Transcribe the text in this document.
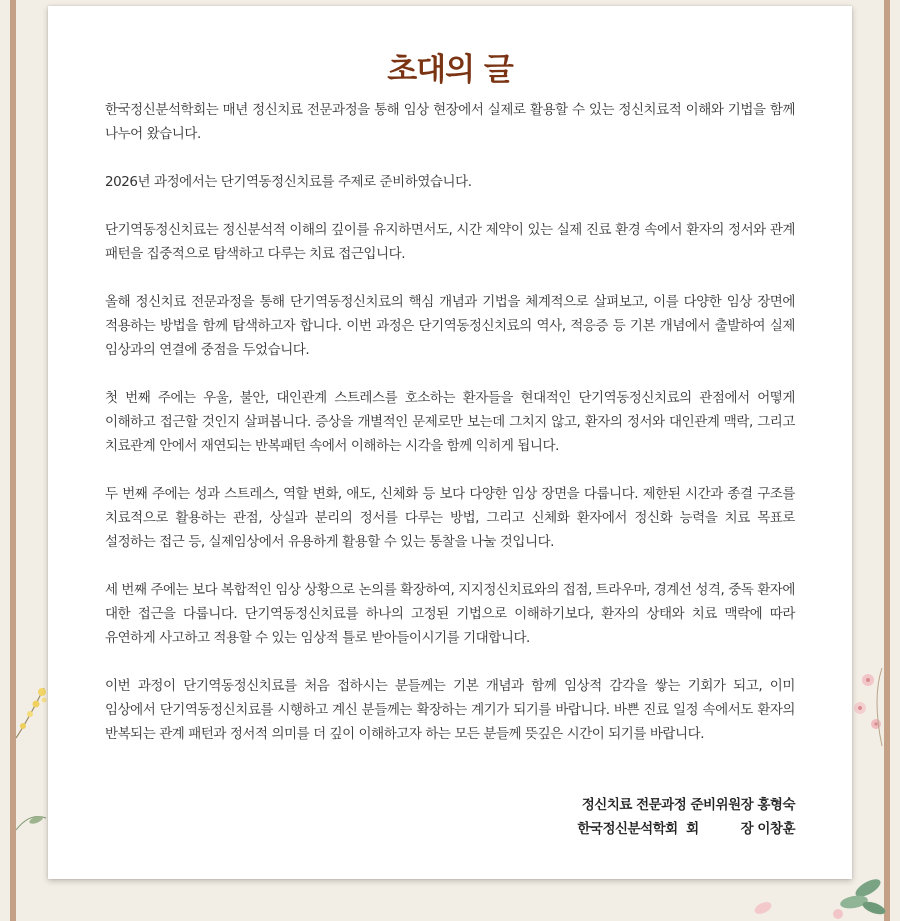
초대의 글

한국정신분석학회는 매년 정신치료 전문과정을 통해 임상 현장에서 실제로 활용할 수 있는 정신치료적 이해와 기법을 함께 나누어 왔습니다.

2026년 과정에서는 단기역동정신치료를 주제로 준비하였습니다.

단기역동정신치료는 정신분석적 이해의 깊이를 유지하면서도, 시간 제약이 있는 실제 진료 환경 속에서 환자의 정서와 관계 패턴을 집중적으로 탐색하고 다루는 치료 접근입니다.

올해 정신치료 전문과정을 통해 단기역동정신치료의 핵심 개념과 기법을 체계적으로 살펴보고, 이를 다양한 임상 장면에 적용하는 방법을 함께 탐색하고자 합니다. 이번 과정은 단기역동정신치료의 역사, 적응증 등 기본 개념에서 출발하여 실제 임상과의 연결에 중점을 두었습니다.

첫 번째 주에는 우울, 불안, 대인관계 스트레스를 호소하는 환자들을 현대적인 단기역동정신치료의 관점에서 어떻게 이해하고 접근할 것인지 살펴봅니다. 증상을 개별적인 문제로만 보는데 그치지 않고, 환자의 정서와 대인관계 맥락, 그리고 치료관계 안에서 재연되는 반복패턴 속에서 이해하는 시각을 함께 익히게 됩니다.

두 번째 주에는 성과 스트레스, 역할 변화, 애도, 신체화 등 보다 다양한 임상 장면을 다룹니다. 제한된 시간과 종결 구조를 치료적으로 활용하는 관점, 상실과 분리의 정서를 다루는 방법, 그리고 신체화 환자에서 정신화 능력을 치료 목표로 설정하는 접근 등, 실제임상에서 유용하게 활용할 수 있는 통찰을 나눌 것입니다.

세 번째 주에는 보다 복합적인 임상 상황으로 논의를 확장하여, 지지정신치료와의 접점, 트라우마, 경계선 성격, 중독 환자에 대한 접근을 다룹니다. 단기역동정신치료를 하나의 고정된 기법으로 이해하기보다, 환자의 상태와 치료 맥락에 따라 유연하게 사고하고 적용할 수 있는 임상적 틀로 받아들이시기를 기대합니다.

이번 과정이 단기역동정신치료를 처음 접하시는 분들께는 기본 개념과 함께 임상적 감각을 쌓는 기회가 되고, 이미 임상에서 단기역동정신치료를 시행하고 계신 분들께는 확장하는 계기가 되기를 바랍니다. 바쁜 진료 일정 속에서도 환자의 반복되는 관계 패턴과 정서적 의미를 더 깊이 이해하고자 하는 모든 분들께 뜻깊은 시간이 되기를 바랍니다.

정신치료 전문과정 준비위원장 홍형숙
한국정신분석학회  회          장 이창훈
